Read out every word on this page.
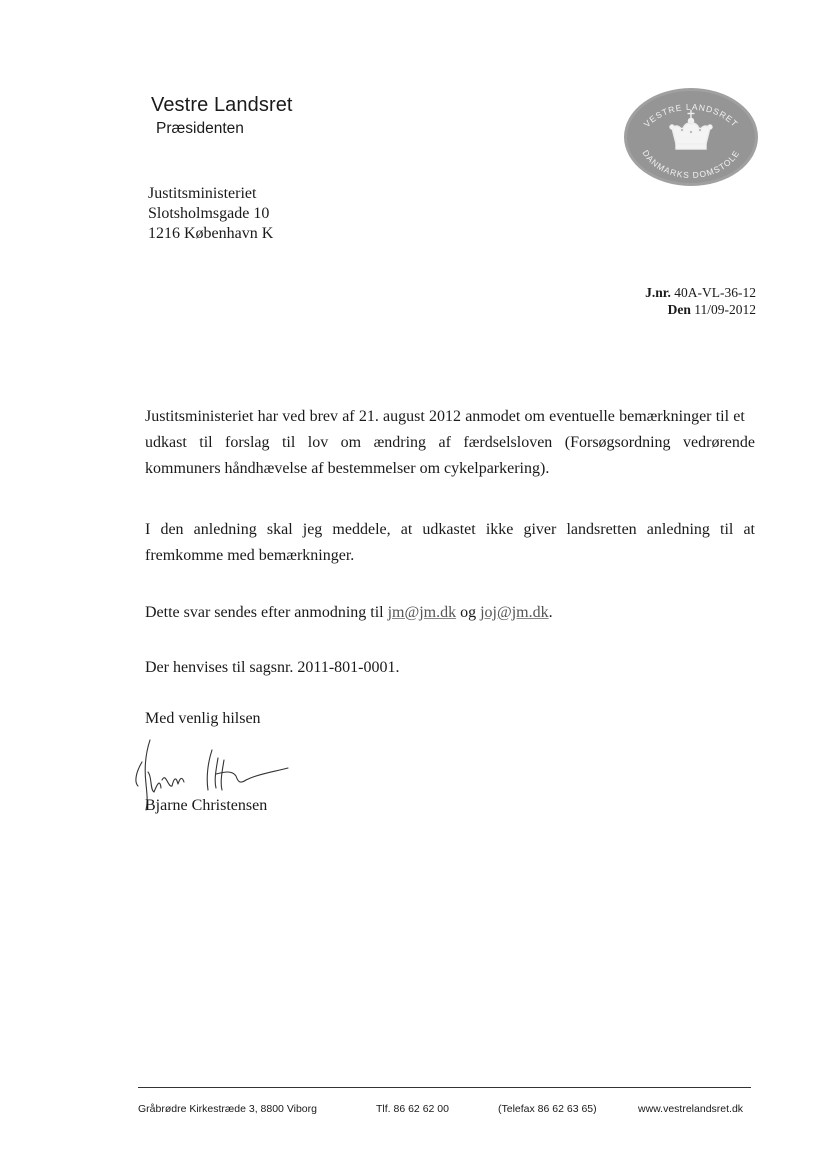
Vestre Landsret
Præsidenten	VESTRE LANDSRET
DANMARKS DOMSTOLE
Justitsministeriet
Slotsholmsgade 10
1216 København K
J.nr. 40A-VL-36-12
Den 11/09-2012
Justitsministeriet har ved brev af 21. august 2012 anmodet om eventuelle bemærkninger til et
udkast til forslag til lov om ændring af færdselsloven (Forsøgsordning vedrørende
kommuners håndhævelse af bestemmelser om cykelparkering).
I den anledning skal jeg meddele, at udkastet ikke giver landsretten anledning til at
fremkomme med bemærkninger.
Dette svar sendes efter anmodning til jm@jm.dk og joj@jm.dk.
Der henvises til sagsnr. 2011-801-0001.
Med venlig hilsen
Bjarne Christensen
Gråbrødre Kirkestræde 3, 8800 Viborg	Tlf. 86 62 62 00	(Telefax 86 62 63 65)	www.vestrelandsret.dk
